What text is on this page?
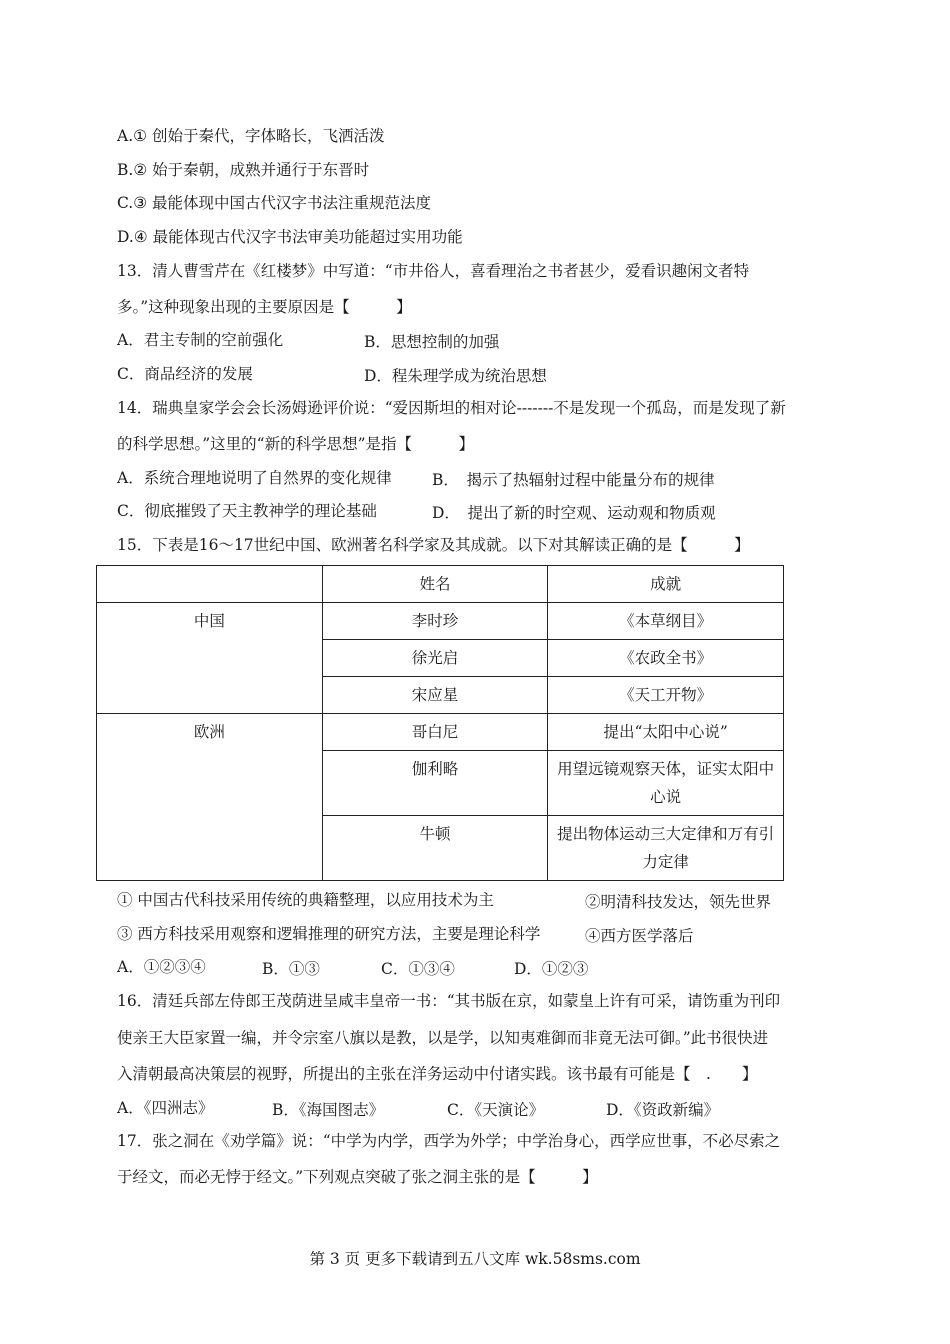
A.① 创始于秦代，字体略长，飞洒活泼
B.② 始于秦朝，成熟并通行于东晋时
C.③ 最能体现中国古代汉字书法注重规范法度
D.④ 最能体现古代汉字书法审美功能超过实用功能
13．清人曹雪芹在《红楼梦》中写道：“市井俗人，喜看理治之书者甚少，爱看识趣闲文者特
多。”这种现象出现的主要原因是【　　　】
A．君主专制的空前强化	B．思想控制的加强
C．商品经济的发展	D．程朱理学成为统治思想
14．瑞典皇家学会会长汤姆逊评价说：“爱因斯坦的相对论-------不是发现一个孤岛，而是发现了新
的科学思想。”这里的“新的科学思想”是指【　　　】
A．系统合理地说明了自然界的变化规律	B．　揭示了热辐射过程中能量分布的规律
C．彻底摧毁了天主教神学的理论基础	D．　提出了新的时空观、运动观和物质观
15．下表是16～17世纪中国、欧洲著名科学家及其成就。以下对其解读正确的是【　　　】
	姓名	成就
中国	李时珍	《本草纲目》
	徐光启	《农政全书》
	宋应星	《天工开物》
欧洲	哥白尼	提出“太阳中心说”
	伽利略	用望远镜观察天体，证实太阳中心说
	牛顿	提出物体运动三大定律和万有引力定律
① 中国古代科技采用传统的典籍整理，以应用技术为主	②明清科技发达，领先世界
③ 西方科技采用观察和逻辑推理的研究方法，主要是理论科学	④西方医学落后
A．①②③④	B．①③	C．①③④	D．①②③
16．清廷兵部左侍郎王茂荫进呈咸丰皇帝一书：“其书版在京，如蒙皇上许有可采，请饬重为刊印
使亲王大臣家置一编，并令宗室八旗以是教，以是学，以知夷难御而非竟无法可御。”此书很快进
入清朝最高决策层的视野，所提出的主张在洋务运动中付诸实践。该书最有可能是【　.　　】
A．《四洲志》	B．《海国图志》	C．《天演论》	D．《资政新编》
17．张之洞在《劝学篇》说：“中学为内学，西学为外学；中学治身心，西学应世事，不必尽索之
于经文，而必无悖于经文。”下列观点突破了张之洞主张的是【　　　】
第 3 页 更多下载请到五八文库 wk.58sms.com
